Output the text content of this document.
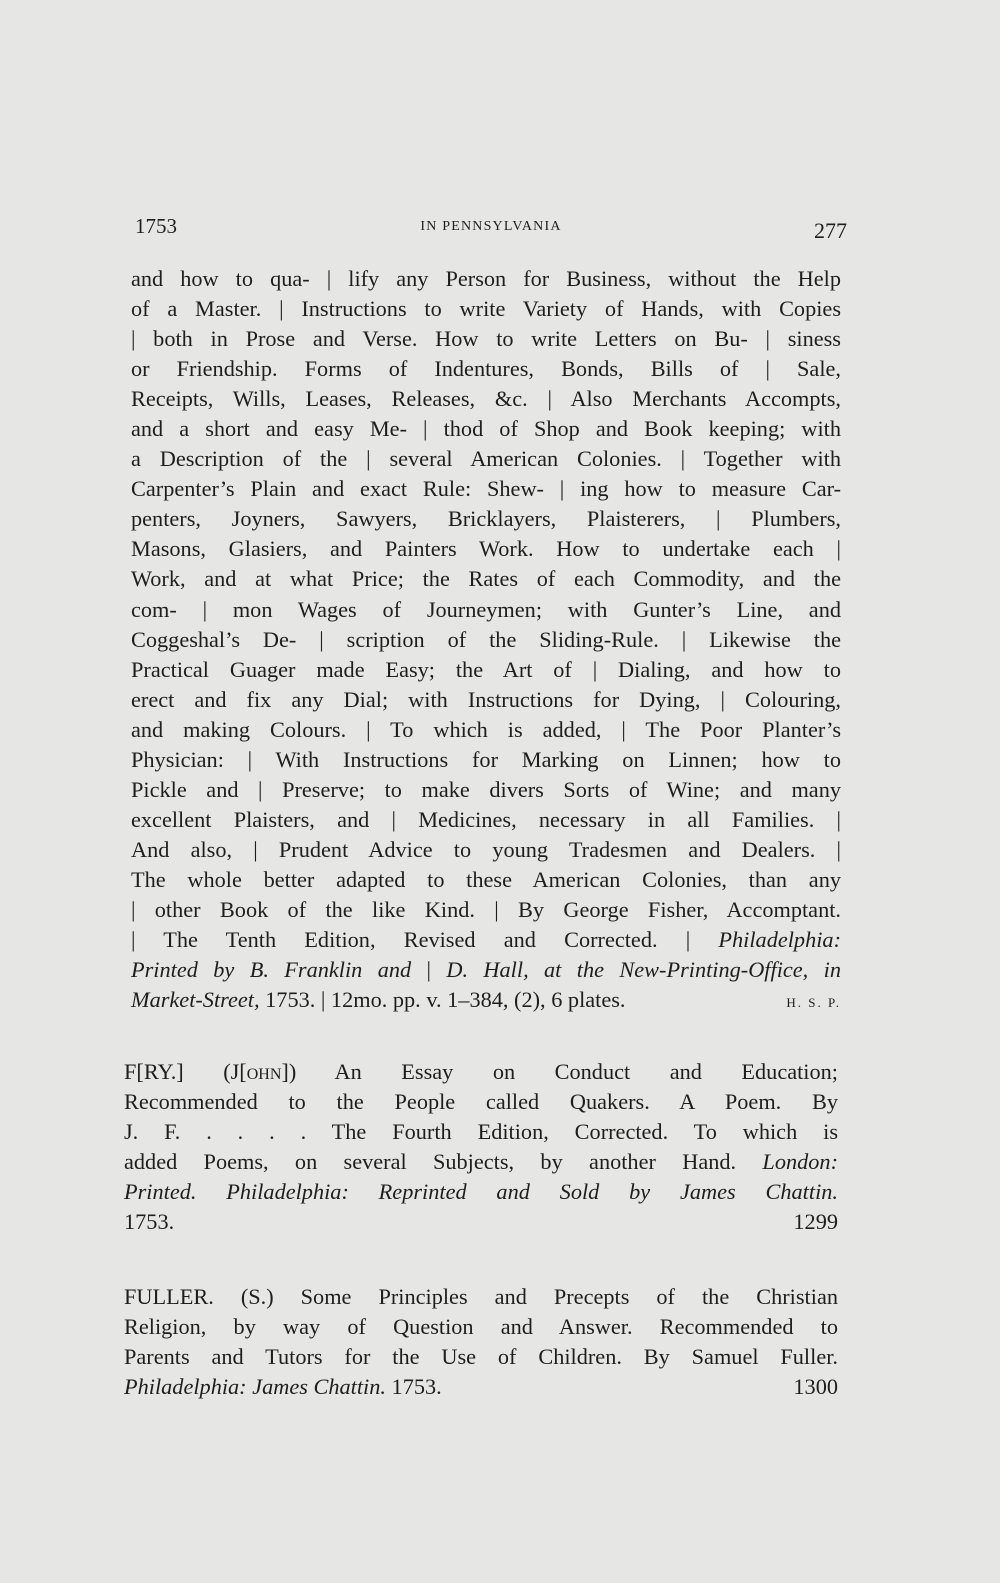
1753	IN PENNSYLVANIA	277
and how to qua- | lify any Person for Business, without the Help
of a Master. | Instructions to write Variety of Hands, with Copies
| both in Prose and Verse. How to write Letters on Bu- | siness
or Friendship. Forms of Indentures, Bonds, Bills of | Sale,
Receipts, Wills, Leases, Releases, &c. | Also Merchants Accompts,
and a short and easy Me- | thod of Shop and Book keeping; with
a Description of the | several American Colonies. | Together with
Carpenter’s Plain and exact Rule: Shew- | ing how to measure Car-
penters, Joyners, Sawyers, Bricklayers, Plaisterers, | Plumbers,
Masons, Glasiers, and Painters Work. How to undertake each |
Work, and at what Price; the Rates of each Commodity, and the
com- | mon Wages of Journeymen; with Gunter’s Line, and
Coggeshal’s De- | scription of the Sliding-Rule. | Likewise the
Practical Guager made Easy; the Art of | Dialing, and how to
erect and fix any Dial; with Instructions for Dying, | Colouring,
and making Colours. | To which is added, | The Poor Planter’s
Physician: | With Instructions for Marking on Linnen; how to
Pickle and | Preserve; to make divers Sorts of Wine; and many
excellent Plaisters, and | Medicines, necessary in all Families. |
And also, | Prudent Advice to young Tradesmen and Dealers. |
The whole better adapted to these American Colonies, than any
| other Book of the like Kind. | By George Fisher, Accomptant.
| The Tenth Edition, Revised and Corrected. | Philadelphia:
Printed by B. Franklin and | D. Hall, at the New-Printing-Office, in
Market-Street, 1753. | 12mo. pp. v. 1–384, (2), 6 plates.	H. S. P.
F[RY.] (J[ohn]) An Essay on Conduct and Education;
Recommended to the People called Quakers. A Poem. By
J. F. . . . . The Fourth Edition, Corrected. To which is
added Poems, on several Subjects, by another Hand. London:
Printed. Philadelphia: Reprinted and Sold by James Chattin.
1753.	1299
FULLER. (S.) Some Principles and Precepts of the Christian
Religion, by way of Question and Answer. Recommended to
Parents and Tutors for the Use of Children. By Samuel Fuller.
Philadelphia: James Chattin. 1753.	1300
